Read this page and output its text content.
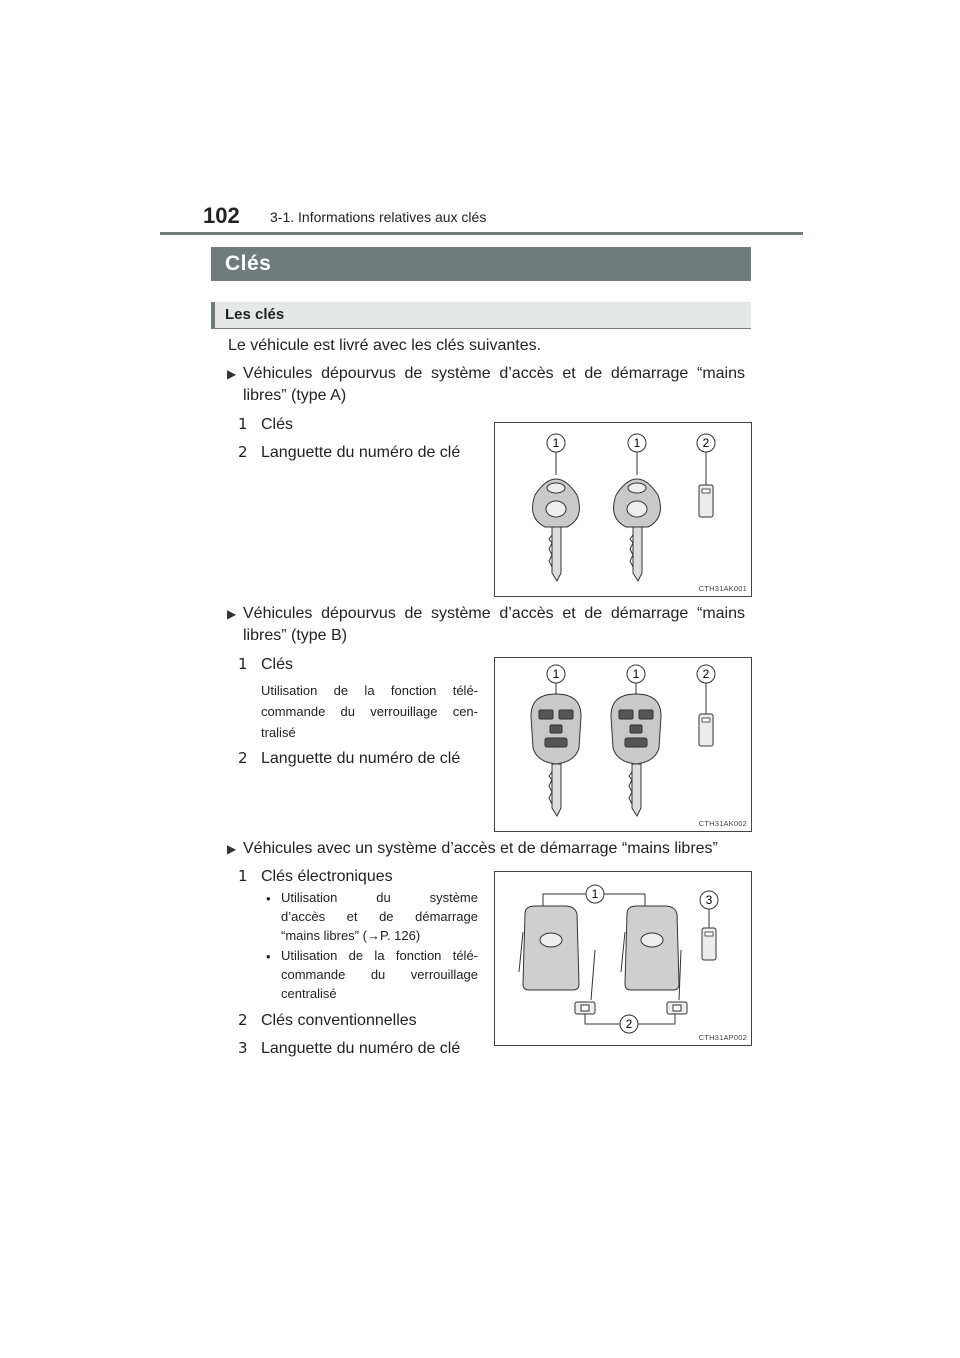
102 3-1. Informations relatives aux clés
Clés
Les clés
Le véhicule est livré avec les clés suivantes.
▶ Véhicules dépourvus de système d’accès et de démarrage “mains
libres” (type A)
1 Clés
2 Languette du numéro de clé
1	1	2
CTH31AK001
▶ Véhicules dépourvus de système d’accès et de démarrage “mains
libres” (type B)
1 Clés
Utilisation de la fonction télé-
commande du verrouillage cen-
tralisé
2 Languette du numéro de clé
1	1	2
CTH31AK002
▶ Véhicules avec un système d’accès et de démarrage “mains libres”
1 Clés électroniques
• Utilisation du système
d’accès et de démarrage
“mains libres” (→P. 126)
• Utilisation de la fonction télé-
commande du verrouillage
centralisé
2 Clés conventionnelles
3 Languette du numéro de clé
1
2
3
CTH31AP002
